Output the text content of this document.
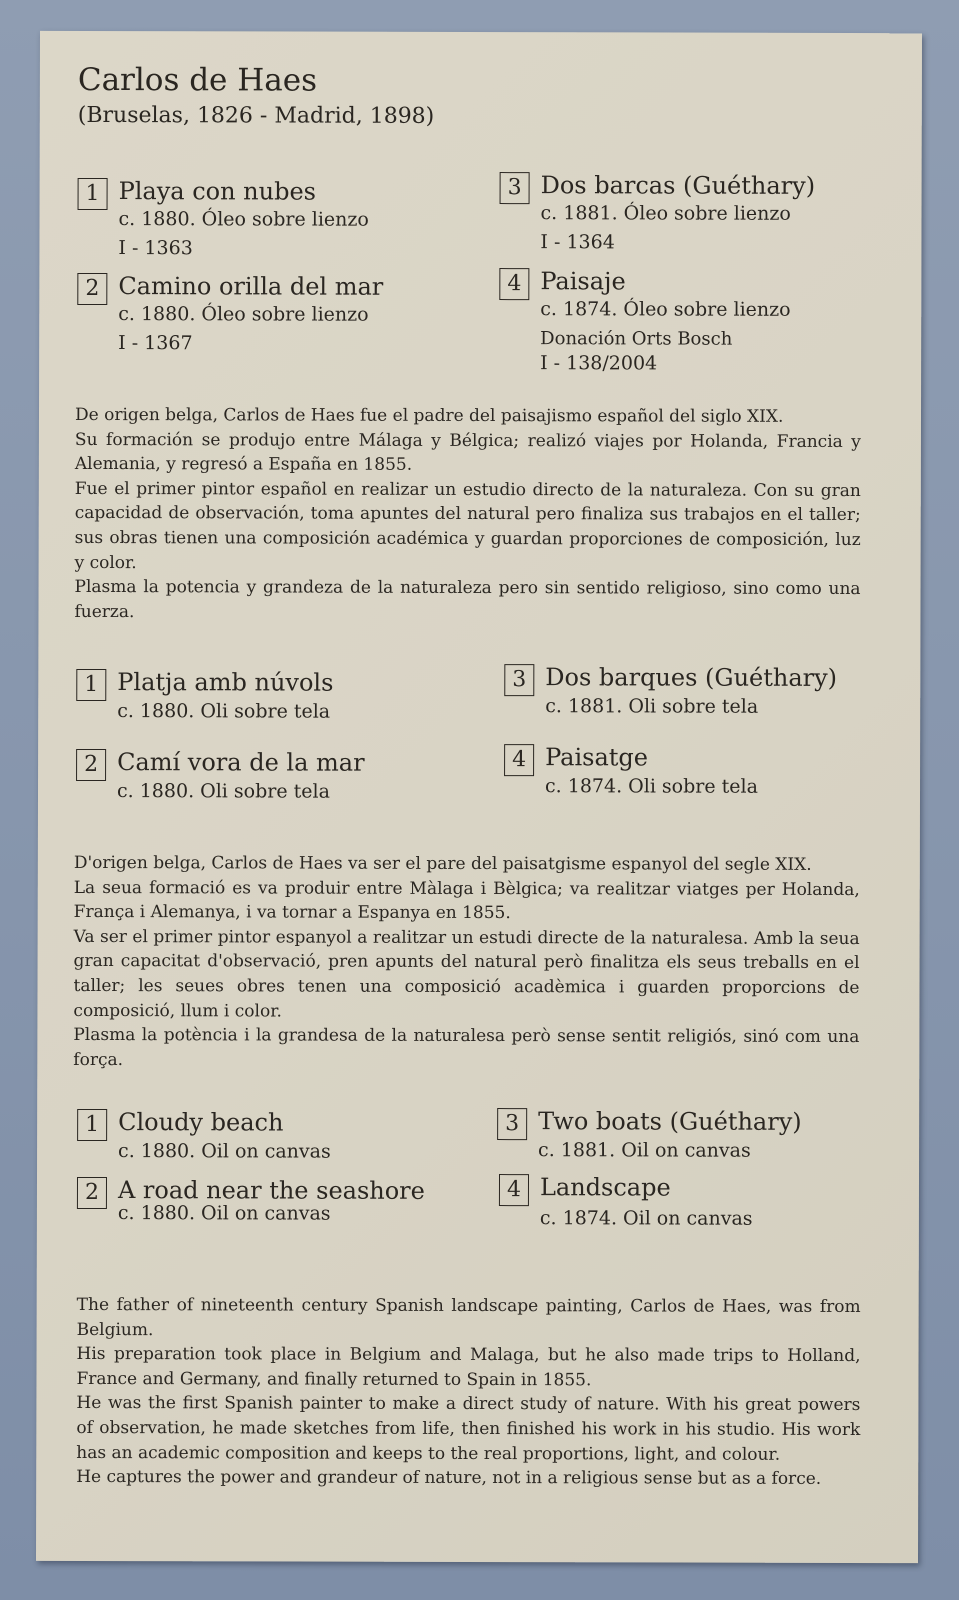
Carlos de Haes
(Bruselas, 1826 - Madrid, 1898)
1 Playa con nubes
c. 1880. Óleo sobre lienzo
I - 1363
2 Camino orilla del mar
c. 1880. Óleo sobre lienzo
I - 1367
3 Dos barcas (Guéthary)
c. 1881. Óleo sobre lienzo
I - 1364
4 Paisaje
c. 1874. Óleo sobre lienzo
Donación Orts Bosch
I - 138/2004

De origen belga, Carlos de Haes fue el padre del paisajismo español del siglo XIX.

Su formación se produjo entre Málaga y Bélgica; realizó viajes por Holanda, Francia y Alemania, y regresó a España en 1855.

Fue el primer pintor español en realizar un estudio directo de la naturaleza. Con su gran capacidad de observación, toma apuntes del natural pero finaliza sus trabajos en el taller; sus obras tienen una composición académica y guardan proporciones de composición, luz y color.

Plasma la potencia y grandeza de la naturaleza pero sin sentido religioso, sino como una fuerza.

1 Platja amb núvols
c. 1880. Oli sobre tela
2 Camí vora de la mar
c. 1880. Oli sobre tela
3 Dos barques (Guéthary)
c. 1881. Oli sobre tela
4 Paisatge
c. 1874. Oli sobre tela

D'origen belga, Carlos de Haes va ser el pare del paisatgisme espanyol del segle XIX.

La seua formació es va produir entre Màlaga i Bèlgica; va realitzar viatges per Holanda, França i Alemanya, i va tornar a Espanya en 1855.

Va ser el primer pintor espanyol a realitzar un estudi directe de la naturalesa. Amb la seua gran capacitat d'observació, pren apunts del natural però finalitza els seus treballs en el taller; les seues obres tenen una composició acadèmica i guarden proporcions de composició, llum i color.

Plasma la potència i la grandesa de la naturalesa però sense sentit religiós, sinó com una força.

1 Cloudy beach
c. 1880. Oil on canvas
2 A road near the seashore
c. 1880. Oil on canvas
3 Two boats (Guéthary)
c. 1881. Oil on canvas
4 Landscape
c. 1874. Oil on canvas

The father of nineteenth century Spanish landscape painting, Carlos de Haes, was from Belgium.

His preparation took place in Belgium and Malaga, but he also made trips to Holland, France and Germany, and finally returned to Spain in 1855.

He was the first Spanish painter to make a direct study of nature. With his great powers of observation, he made sketches from life, then finished his work in his studio. His work has an academic composition and keeps to the real proportions, light, and colour.

He captures the power and grandeur of nature, not in a religious sense but as a force.
